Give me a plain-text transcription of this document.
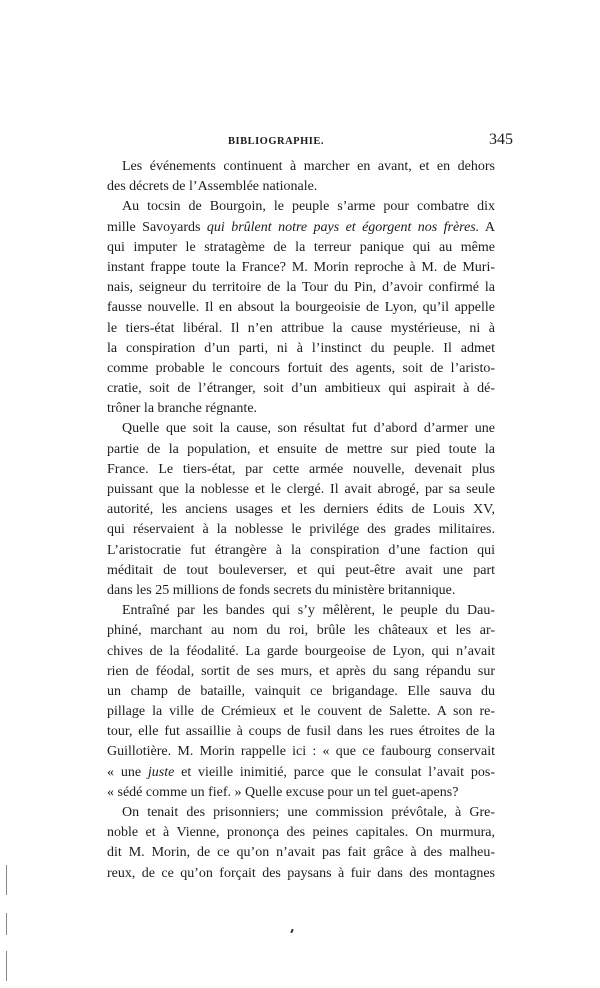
BIBLIOGRAPHIE.	345
Les événements continuent à marcher en avant, et en dehors
des décrets de l’Assemblée nationale.
Au tocsin de Bourgoin, le peuple s’arme pour combatre dix
mille Savoyards qui brûlent notre pays et égorgent nos frères. A
qui imputer le stratagème de la terreur panique qui au même
instant frappe toute la France? M. Morin reproche à M. de Muri-
nais, seigneur du territoire de la Tour du Pin, d’avoir confirmé la
fausse nouvelle. Il en absout la bourgeoisie de Lyon, qu’il appelle
le tiers-état libéral. Il n’en attribue la cause mystérieuse, ni à
la conspiration d’un parti, ni à l’instinct du peuple. Il admet
comme probable le concours fortuit des agents, soit de l’aristo-
cratie, soit de l’étranger, soit d’un ambitieux qui aspirait à dé-
trôner la branche régnante.
Quelle que soit la cause, son résultat fut d’abord d’armer une
partie de la population, et ensuite de mettre sur pied toute la
France. Le tiers-état, par cette armée nouvelle, devenait plus
puissant que la noblesse et le clergé. Il avait abrogé, par sa seule
autorité, les anciens usages et les derniers édits de Louis XV,
qui réservaient à la noblesse le privilége des grades militaires.
L’aristocratie fut étrangère à la conspiration d’une faction qui
méditait de tout bouleverser, et qui peut-être avait une part
dans les 25 millions de fonds secrets du ministère britannique.
Entraîné par les bandes qui s’y mêlèrent, le peuple du Dau-
phiné, marchant au nom du roi, brûle les châteaux et les ar-
chives de la féodalité. La garde bourgeoise de Lyon, qui n’avait
rien de féodal, sortit de ses murs, et après du sang répandu sur
un champ de bataille, vainquit ce brigandage. Elle sauva du
pillage la ville de Crémieux et le couvent de Salette. A son re-
tour, elle fut assaillie à coups de fusil dans les rues étroites de la
Guillotière. M. Morin rappelle ici : « que ce faubourg conservait
« une juste et vieille inimitié, parce que le consulat l’avait pos-
« sédé comme un fief. » Quelle excuse pour un tel guet-apens?
On tenait des prisonniers; une commission prévôtale, à Gre-
noble et à Vienne, prononça des peines capitales. On murmura,
dit M. Morin, de ce qu’on n’avait pas fait grâce à des malheu-
reux, de ce qu’on forçait des paysans à fuir dans des montagnes
